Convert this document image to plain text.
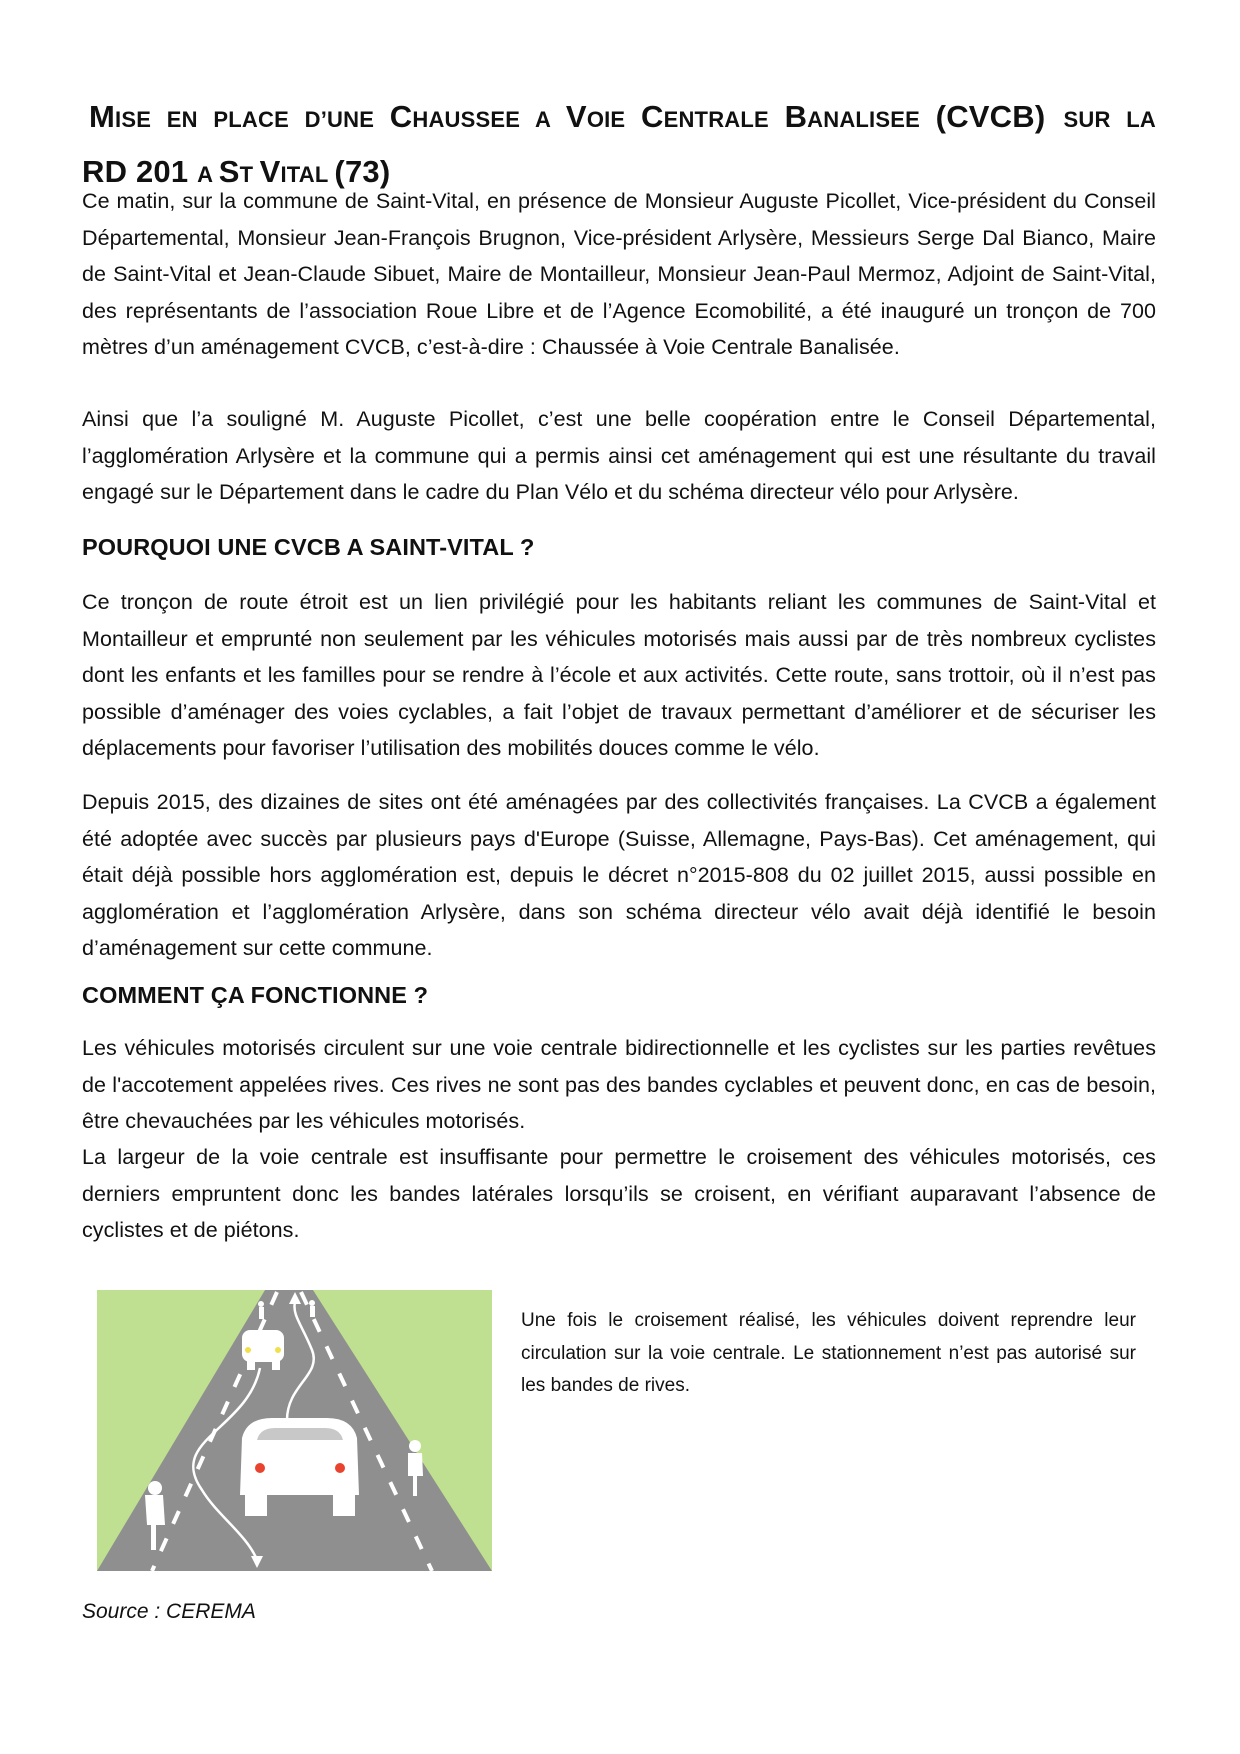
MISE EN PLACE D’UNE CHAUSSEE A VOIE CENTRALE BANALISEE (CVCB) SUR LA
RD 201 A ST VITAL (73)

Ce matin, sur la commune de Saint-Vital, en présence de Monsieur Auguste Picollet, Vice-président du Conseil Départemental, Monsieur Jean-François Brugnon, Vice-président Arlysère, Messieurs Serge Dal Bianco, Maire de Saint-Vital et Jean-Claude Sibuet, Maire de Montailleur, Monsieur Jean-Paul Mermoz, Adjoint de Saint-Vital, des représentants de l’association Roue Libre et de l’Agence Ecomobilité, a été inauguré un tronçon de 700 mètres d’un aménagement CVCB, c’est-à-dire : Chaussée à Voie Centrale Banalisée.

Ainsi que l’a souligné M. Auguste Picollet, c’est une belle coopération entre le Conseil Départemental, l’agglomération Arlysère et la commune qui a permis ainsi cet aménagement qui est une résultante du travail engagé sur le Département dans le cadre du Plan Vélo et du schéma directeur vélo pour Arlysère.

POURQUOI UNE CVCB A SAINT-VITAL ?

Ce tronçon de route étroit est un lien privilégié pour les habitants reliant les communes de Saint-Vital et Montailleur et emprunté non seulement par les véhicules motorisés mais aussi par de très nombreux cyclistes dont les enfants et les familles pour se rendre à l’école et aux activités. Cette route, sans trottoir, où il n’est pas possible d’aménager des voies cyclables, a fait l’objet de travaux permettant d’améliorer et de sécuriser les déplacements pour favoriser l’utilisation des mobilités douces comme le vélo.

Depuis 2015, des dizaines de sites ont été aménagées par des collectivités françaises. La CVCB a également été adoptée avec succès par plusieurs pays d'Europe (Suisse, Allemagne, Pays-Bas). Cet aménagement, qui était déjà possible hors agglomération est, depuis le décret n°2015-808 du 02 juillet 2015, aussi possible en agglomération et l’agglomération Arlysère, dans son schéma directeur vélo avait déjà identifié le besoin d’aménagement sur cette commune.

COMMENT ÇA FONCTIONNE ?

Les véhicules motorisés circulent sur une voie centrale bidirectionnelle et les cyclistes sur les parties revêtues de l'accotement appelées rives. Ces rives ne sont pas des bandes cyclables et peuvent donc, en cas de besoin, être chevauchées par les véhicules motorisés.

La largeur de la voie centrale est insuffisante pour permettre le croisement des véhicules motorisés, ces derniers empruntent donc les bandes latérales lorsqu’ils se croisent, en vérifiant auparavant l’absence de cyclistes et de piétons.

Une fois le croisement réalisé, les véhicules doivent reprendre leur circulation sur la voie centrale. Le stationnement n’est pas autorisé sur les bandes de rives.

Source : CEREMA
